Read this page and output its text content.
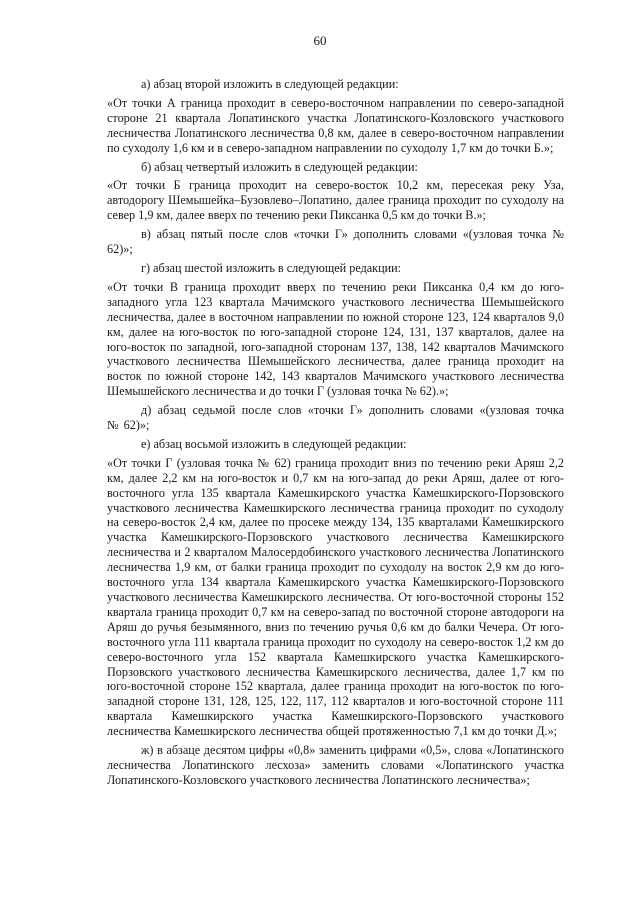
60

а) абзац второй изложить в следующей редакции:

«От точки А граница проходит в северо-восточном направлении по северо-западной стороне 21 квартала Лопатинского участка Лопатинского-Козловского участкового лесничества Лопатинского лесничества 0,8 км, далее в северо-восточном направлении по суходолу 1,6 км и в северо-западном направлении по суходолу 1,7 км до точки Б.»;

б) абзац четвертый изложить в следующей редакции:

«От точки Б граница проходит на северо-восток 10,2 км, пересекая реку Уза, автодорогу Шемышейка–Бузовлево–Лопатино, далее граница проходит по суходолу на север 1,9 км, далее вверх по течению реки Пиксанка 0,5 км до точки В.»;

в) абзац пятый после слов «точки Г» дополнить словами «(узловая точка № 62)»;

г) абзац шестой изложить в следующей редакции:

«От точки В граница проходит вверх по течению реки Пиксанка 0,4 км до юго-западного угла 123 квартала Мачимского участкового лесничества Шемышейского лесничества, далее в восточном направлении по южной стороне 123, 124 кварталов 9,0 км, далее на юго-восток по юго-западной стороне 124, 131, 137 кварталов, далее на юго-восток по западной, юго-западной сторонам 137, 138, 142 кварталов Мачимского участкового лесничества Шемышейского лесничества, далее граница проходит на восток по южной стороне 142, 143 кварталов Мачимского участкового лесничества Шемышейского лесничества и до точки Г (узловая точка № 62).»;

д) абзац седьмой после слов «точки Г» дополнить словами «(узловая точка № 62)»;

е) абзац восьмой изложить в следующей редакции:

«От точки Г (узловая точка № 62) граница проходит вниз по течению реки Аряш 2,2 км, далее 2,2 км на юго-восток и 0,7 км на юго-запад до реки Аряш, далее от юго-восточного угла 135 квартала Камешкирского участка Камешкирского-Порзовского участкового лесничества Камешкирского лесничества граница проходит по суходолу на северо-восток 2,4 км, далее по просеке между 134, 135 кварталами Камешкирского участка Камешкирского-Порзовского участкового лесничества Камешкирского лесничества и 2 кварталом Малосердобинского участкового лесничества Лопатинского лесничества 1,9 км, от балки граница проходит по суходолу на восток 2,9 км до юго-восточного угла 134 квартала Камешкирского участка Камешкирского-Порзовского участкового лесничества Камешкирского лесничества. От юго-восточной стороны 152 квартала граница проходит 0,7 км на северо-запад по восточной стороне автодороги на Аряш до ручья безымянного, вниз по течению ручья 0,6 км до балки Чечера. От юго-восточного угла 111 квартала граница проходит по суходолу на северо-восток 1,2 км до северо-восточного угла 152 квартала Камешкирского участка Камешкирского-Порзовского участкового лесничества Камешкирского лесничества, далее 1,7 км по юго-восточной стороне 152 квартала, далее граница проходит на юго-восток по юго-западной стороне 131, 128, 125, 122, 117, 112 кварталов и юго-восточной стороне 111 квартала Камешкирского участка Камешкирского-Порзовского участкового лесничества Камешкирского лесничества общей протяженностью 7,1 км до точки Д.»;

ж) в абзаце десятом цифры «0,8» заменить цифрами «0,5», слова «Лопатинского лесничества Лопатинского лесхоза» заменить словами «Лопатинского участка Лопатинского-Козловского участкового лесничества Лопатинского лесничества»;
